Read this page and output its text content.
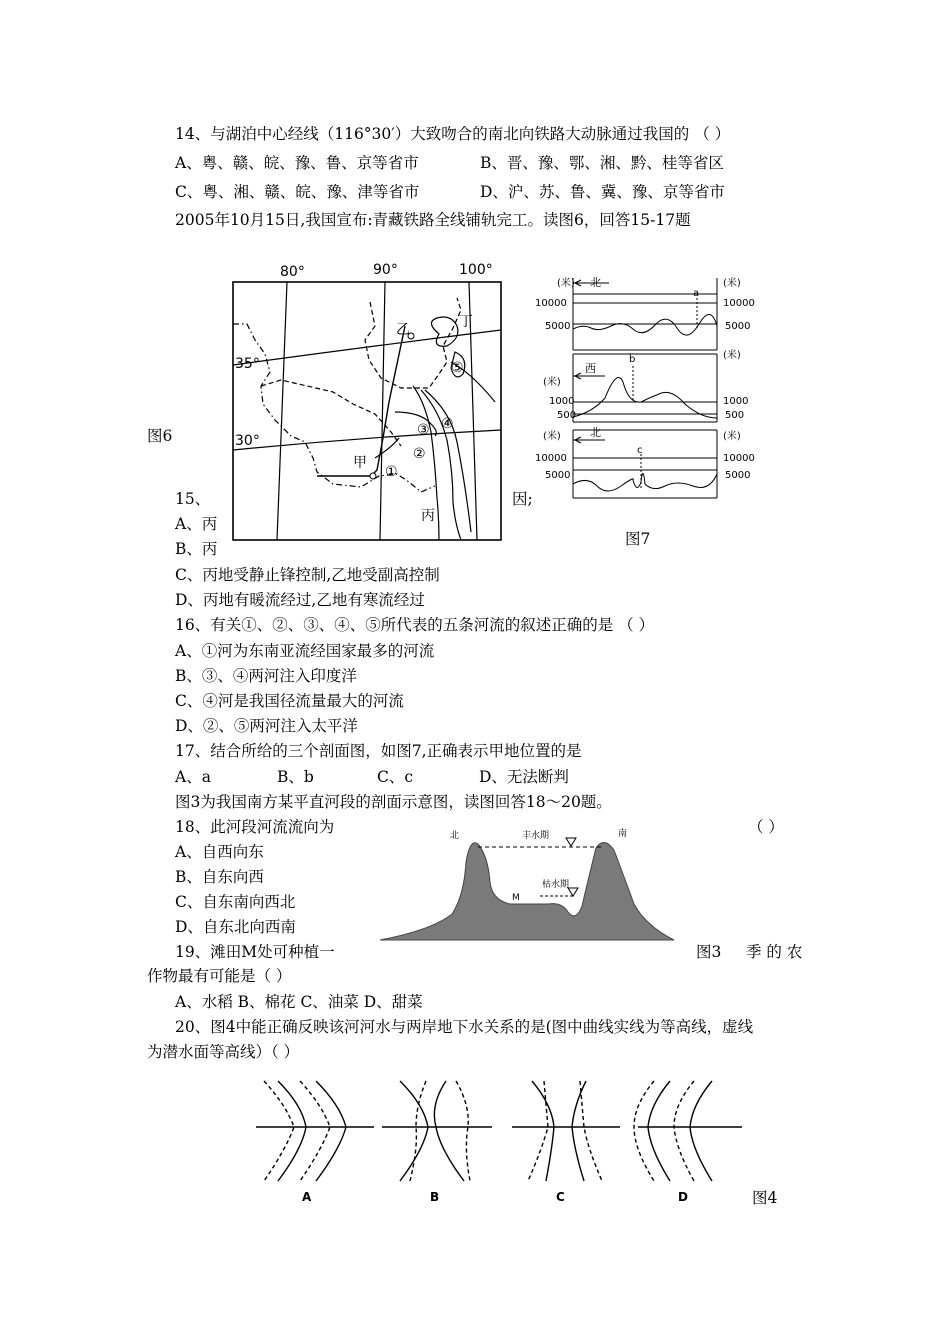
14、与湖泊中心经线（116°30′）大致吻合的南北向铁路大动脉通过我国的 （ ）
A、粤、赣、皖、豫、鲁、京等省市	B、晋、豫、鄂、湘、黔、桂等省区
C、粤、湘、赣、皖、豫、津等省市	D、沪、苏、鲁、冀、豫、京等省市
2005年10月15日,我国宣布:青藏铁路全线铺轨完工。读图6，回答15-17题
15、	因;
A、丙
B、丙
C、丙地受静止锋控制,乙地受副高控制
D、丙地有暖流经过,乙地有寒流经过
16、有关①、②、③、④、⑤所代表的五条河流的叙述正确的是 （ ）
A、①河为东南亚流经国家最多的河流
B、③、④两河注入印度洋
C、④河是我国径流量最大的河流
D、②、⑤两河注入太平洋
17、结合所给的三个剖面图，如图7,正确表示甲地位置的是
A、a	B、b	C、c	D、无法断判
图3为我国南方某平直河段的剖面示意图，读图回答18～20题。
18、此河段河流流向为	（ ）
A、自西向东
B、自东向西
C、自东南向西北
D、自东北向西南
19、滩田M处可种植一	季 的 农
作物最有可能是（ ）
A、水稻 B、棉花 C、油菜 D、甜菜
20、图4中能正确反映该河河水与两岸地下水关系的是(图中曲线实线为等高线，虚线
为潜水面等高线）（ ）
图6
图7
图3
图4
80°	90°	100°
35°
30°
甲
乙
丙
丁
①
②
③ ④
⑤
(米)	(米)
北
10000
5000
10000
5000
a
(米)
(米)
西
1000
500
1000
500
b
(米)	(米)
北
10000
5000
10000
5000
c
北	南
丰水期
枯水期
M
A	B	C	D
